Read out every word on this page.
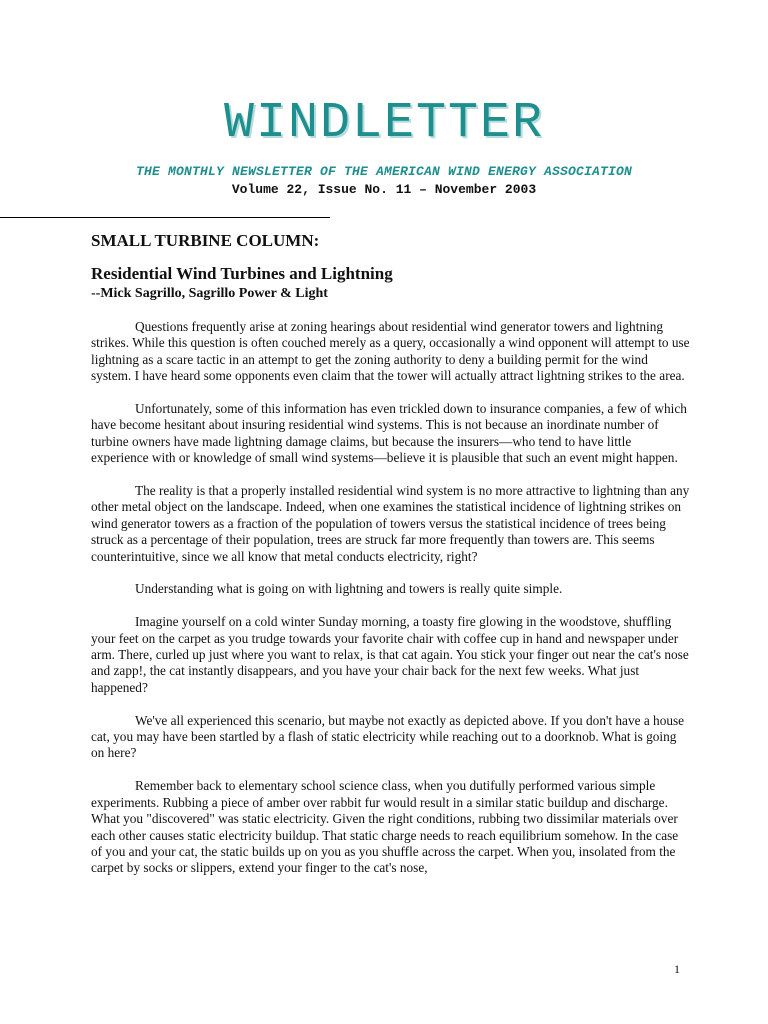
WINDLETTER
THE MONTHLY NEWSLETTER OF THE AMERICAN WIND ENERGY ASSOCIATION
Volume 22, Issue No. 11 – November 2003
SMALL TURBINE COLUMN:
Residential Wind Turbines and Lightning
--Mick Sagrillo, Sagrillo Power & Light

Questions frequently arise at zoning hearings about residential wind generator towers and lightning strikes. While this question is often couched merely as a query, occasionally a wind opponent will attempt to use lightning as a scare tactic in an attempt to get the zoning authority to deny a building permit for the wind system. I have heard some opponents even claim that the tower will actually attract lightning strikes to the area.

Unfortunately, some of this information has even trickled down to insurance companies, a few of which have become hesitant about insuring residential wind systems. This is not because an inordinate number of turbine owners have made lightning damage claims, but because the insurers—who tend to have little experience with or knowledge of small wind systems—believe it is plausible that such an event might happen.

The reality is that a properly installed residential wind system is no more attractive to lightning than any other metal object on the landscape. Indeed, when one examines the statistical incidence of lightning strikes on wind generator towers as a fraction of the population of towers versus the statistical incidence of trees being struck as a percentage of their population, trees are struck far more frequently than towers are. This seems counterintuitive, since we all know that metal conducts electricity, right?

Understanding what is going on with lightning and towers is really quite simple.

Imagine yourself on a cold winter Sunday morning, a toasty fire glowing in the woodstove, shuffling your feet on the carpet as you trudge towards your favorite chair with coffee cup in hand and newspaper under arm. There, curled up just where you want to relax, is that cat again. You stick your finger out near the cat's nose and zapp!, the cat instantly disappears, and you have your chair back for the next few weeks. What just happened?

We've all experienced this scenario, but maybe not exactly as depicted above. If you don't have a house cat, you may have been startled by a flash of static electricity while reaching out to a doorknob. What is going on here?

Remember back to elementary school science class, when you dutifully performed various simple experiments. Rubbing a piece of amber over rabbit fur would result in a similar static buildup and discharge. What you "discovered" was static electricity. Given the right conditions, rubbing two dissimilar materials over each other causes static electricity buildup. That static charge needs to reach equilibrium somehow. In the case of you and your cat, the static builds up on you as you shuffle across the carpet. When you, insolated from the carpet by socks or slippers, extend your finger to the cat's nose,

1
